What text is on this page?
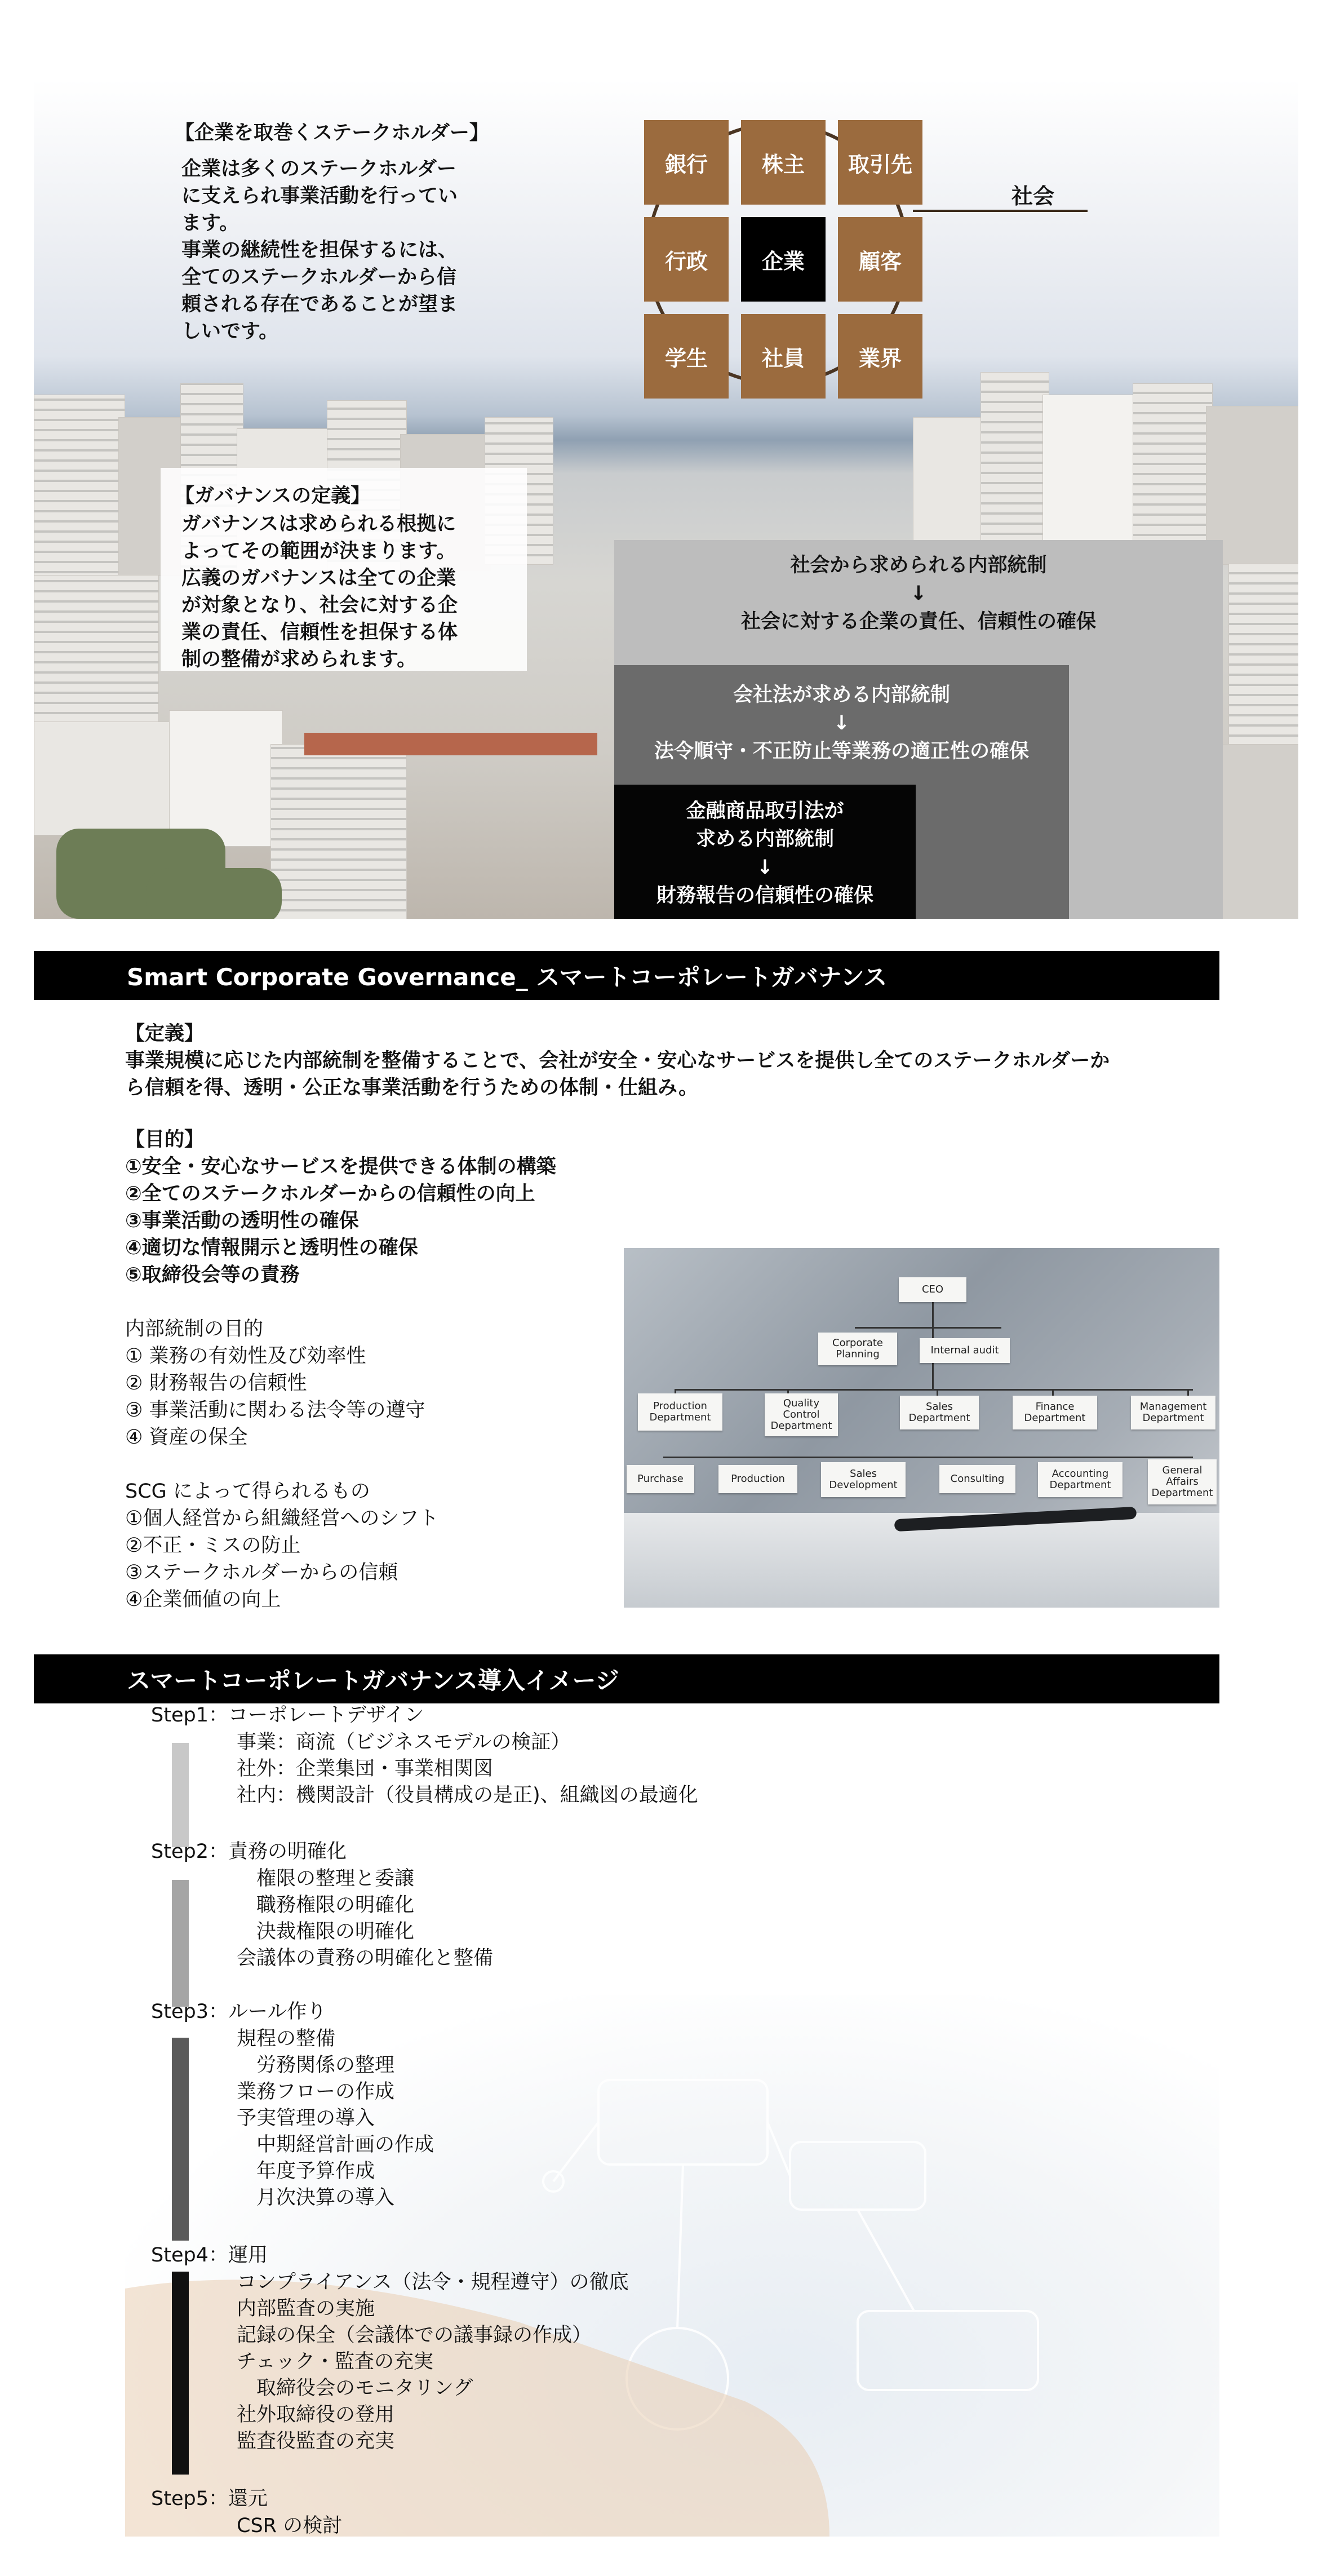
【企業を取巻くステークホルダー】
企業は多くのステークホルダー
に支えられ事業活動を行ってい
ます。
事業の継続性を担保するには、
全てのステークホルダーから信
頼される存在であることが望ま
しいです。
銀行	株主	取引先
行政	企業	顧客
学生	社員	業界
社会
【ガバナンスの定義】
ガバナンスは求められる根拠に
よってその範囲が決まります。
広義のガバナンスは全ての企業
が対象となり、社会に対する企
業の責任、信頼性を担保する体
制の整備が求められます。
社会から求められる内部統制
↓
社会に対する企業の責任、信頼性の確保
会社法が求める内部統制
↓
法令順守・不正防止等業務の適正性の確保
金融商品取引法が
求める内部統制
↓
財務報告の信頼性の確保
Smart Corporate Governance_ スマートコーポレートガバナンス
【定義】
事業規模に応じた内部統制を整備することで、会社が安全・安心なサービスを提供し全てのステークホルダーか
ら信頼を得、透明・公正な事業活動を行うための体制・仕組み。
【目的】
①安全・安心なサービスを提供できる体制の構築
②全てのステークホルダーからの信頼性の向上
③事業活動の透明性の確保
④適切な情報開示と透明性の確保
⑤取締役会等の責務
内部統制の目的
① 業務の有効性及び効率性
② 財務報告の信頼性
③ 事業活動に関わる法令等の遵守
④ 資産の保全
SCG によって得られるもの
①個人経営から組織経営へのシフト
②不正・ミスの防止
③ステークホルダーからの信頼
④企業価値の向上
CEO
Corporate
Planning	Internal audit
Production
Department
Quality
Control
Department
Sales
Department
Finance
Department
Management
Department
Purchase	Production	Sales
Development
Consulting	Accounting
Department
General
Affairs
Department
スマートコーポレートガバナンス導入イメージ
Step1：コーポレートデザイン
事業：商流（ビジネスモデルの検証）
社外：企業集団・事業相関図
社内：機関設計（役員構成の是正)、組織図の最適化
Step2：責務の明確化
　権限の整理と委譲
　職務権限の明確化
　決裁権限の明確化
会議体の責務の明確化と整備
Step3：ルール作り
規程の整備
　労務関係の整理
業務フローの作成
予実管理の導入
　中期経営計画の作成
　年度予算作成
　月次決算の導入
Step4：運用
コンプライアンス（法令・規程遵守）の徹底
内部監査の実施
記録の保全（会議体での議事録の作成）
チェック・監査の充実
　取締役会のモニタリング
社外取締役の登用
監査役監査の充実
Step5：還元
CSR の検討
